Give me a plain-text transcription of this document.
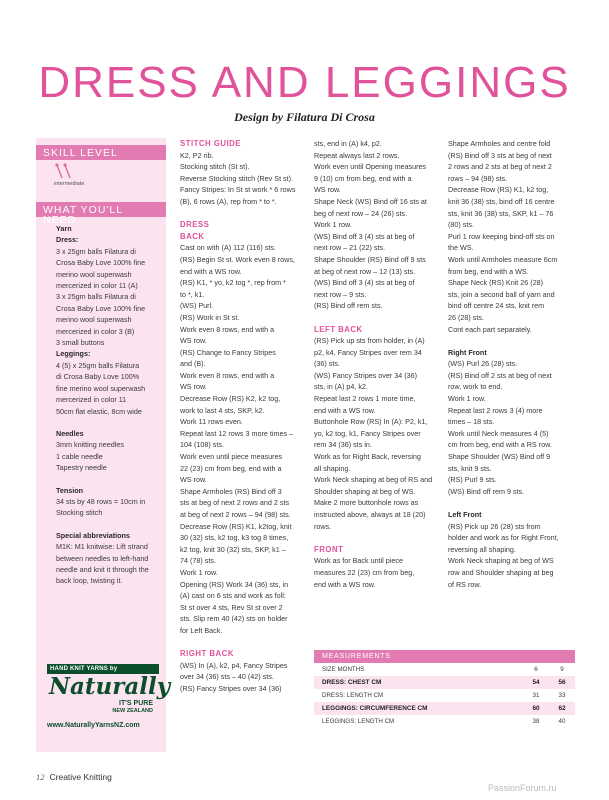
DRESS AND LEGGINGS
Design by Filatura Di Crosa
SKILL LEVEL
intermediate
WHAT YOU'LL NEED
Yarn
Dress:
3 x 25gm balls Filatura di
Crosa Baby Love 100% fine
merino wool superwash
mercerized in color 11 (A)
3 x 25gm balls Filatura di
Crosa Baby Love 100% fine
merino wool superwash
mercerized in color 3 (B)
3 small buttons
Leggings:
4 (5) x 25gm balls Filatura
di Crosa Baby Love 100%
fine merino wool superwash
mercerized in color 11
50cm flat elastic, 8cm wide
Needles
3mm knitting needles
1 cable needle
Tapestry needle
Tension
34 sts by 48 rows = 10cm in
Stocking stitch
Special abbreviations
M1K: M1 knitwise: Lift strand
between needles to left-hand
needle and knit it through the
back loop, twisting it.
HAND KNIT YARNS by
Naturally
IT'S PURE
NEW ZEALAND
www.NaturallyYarnsNZ.com
STITCH GUIDE
K2, P2 rib.
Stocking stitch (St st).
Reverse Stocking stitch (Rev St st).
Fancy Stripes: In St st work * 6 rows
(B), 6 rows (A), rep from * to *.
DRESS
BACK
Cast on with (A) 112 (116) sts.
(RS) Begin St st. Work even 8 rows,
end with a WS row.
(RS) K1, * yo, k2 tog *, rep from *
to *, k1.
(WS) Purl.
(RS) Work in St st.
Work even 8 rows, end with a
WS row.
(RS) Change to Fancy Stripes
and (B).
Work even 8 rows, end with a
WS row.
Decrease Row (RS) K2, k2 tog,
work to last 4 sts, SKP, k2.
Work 11 rows even.
Repeat last 12 rows 3 more times –
104 (108) sts.
Work even until piece measures
22 (23) cm from beg, end with a
WS row.
Shape Armholes (RS) Bind off 3
sts at beg of next 2 rows and 2 sts
at beg of next 2 rows – 94 (98) sts.
Decrease Row (RS) K1, k2tog, knit
30 (32) sts, k2 tog, k3 tog 8 times,
k2 tog, knit 30 (32) sts, SKP, k1 –
74 (78) sts.
Work 1 row.
Opening (RS) Work 34 (36) sts, in
(A) cast on 6 sts and work as foll:
St st over 4 sts, Rev St st over 2
sts. Slip rem 40 (42) sts on holder
for Left Back.
RIGHT BACK
(WS) In (A), k2, p4, Fancy Stripes
over 34 (36) sts – 40 (42) sts.
(RS) Fancy Stripes over 34 (36)
sts, end in (A) k4, p2.
Repeat always last 2 rows.
Work even until Opening measures
9 (10) cm from beg, end with a
WS row.
Shape Neck (WS) Bind off 16 sts at
beg of next row – 24 (26) sts.
Work 1 row.
(WS) Bind off 3 (4) sts at beg of
next row – 21 (22) sts.
Shape Shoulder (RS) Bind off 9 sts
at beg of next row – 12 (13) sts.
(WS) Bind off 3 (4) sts at beg of
next row – 9 sts.
(RS) Bind off rem sts.
LEFT BACK
(RS) Pick up sts from holder, in (A)
p2, k4, Fancy Stripes over rem 34
(36) sts.
(WS) Fancy Stripes over 34 (36)
sts, in (A) p4, k2.
Repeat last 2 rows 1 more time,
end with a WS row.
Buttonhole Row (RS) In (A): P2, k1,
yo, k2 tog, k1, Fancy Stripes over
rem 34 (36) sts in.
Work as for Right Back, reversing
all shaping.
Work Neck shaping at beg of RS and
Shoulder shaping at beg of WS.
Make 2 more buttonhole rows as
instructed above, always at 18 (20)
rows.
FRONT
Work as for Back until piece
measures 22 (23) cm from beg,
end with a WS row.
Shape Armholes and centre fold
(RS) Bind off 3 sts at beg of next
2 rows and 2 sts at beg of next 2
rows – 94 (98) sts.
Decrease Row (RS) K1, k2 tog,
knit 36 (38) sts, bind off 16 centre
sts, knit 36 (38) sts, SKP, k1 – 76
(80) sts.
Purl 1 row keeping bind-off sts on
the WS.
Work until Armholes measure 6cm
from beg, end with a WS.
Shape Neck (RS) Knit 26 (28)
sts, join a second ball of yarn and
bind off centre 24 sts, knit rem
26 (28) sts.
Cont each part separately.
Right Front
(WS) Purl 26 (28) sts.
(RS) Bind off 2 sts at beg of next
row, work to end.
Work 1 row.
Repeat last 2 rows 3 (4) more
times – 18 sts.
Work until Neck measures 4 (5)
cm from beg, end with a RS row.
Shape Shoulder (WS) Bind off 9
sts, knit 9 sts.
(RS) Purl 9 sts.
(WS) Bind off rem 9 sts.
Left Front
(RS) Pick up 26 (28) sts from
holder and work as for Right Front,
reversing all shaping.
Work Neck shaping at beg of WS
row and Shoulder shaping at beg
of RS row.
MEASUREMENTS
SIZE MONTHS	6	9
DRESS: CHEST CM	54	56
DRESS: LENGTH CM	31	33
LEGGINGS: CIRCUMFERENCE CM	60	62
LEGGINGS: LENGTH CM	38	40
12 Creative Knitting
PassionForum.ru
